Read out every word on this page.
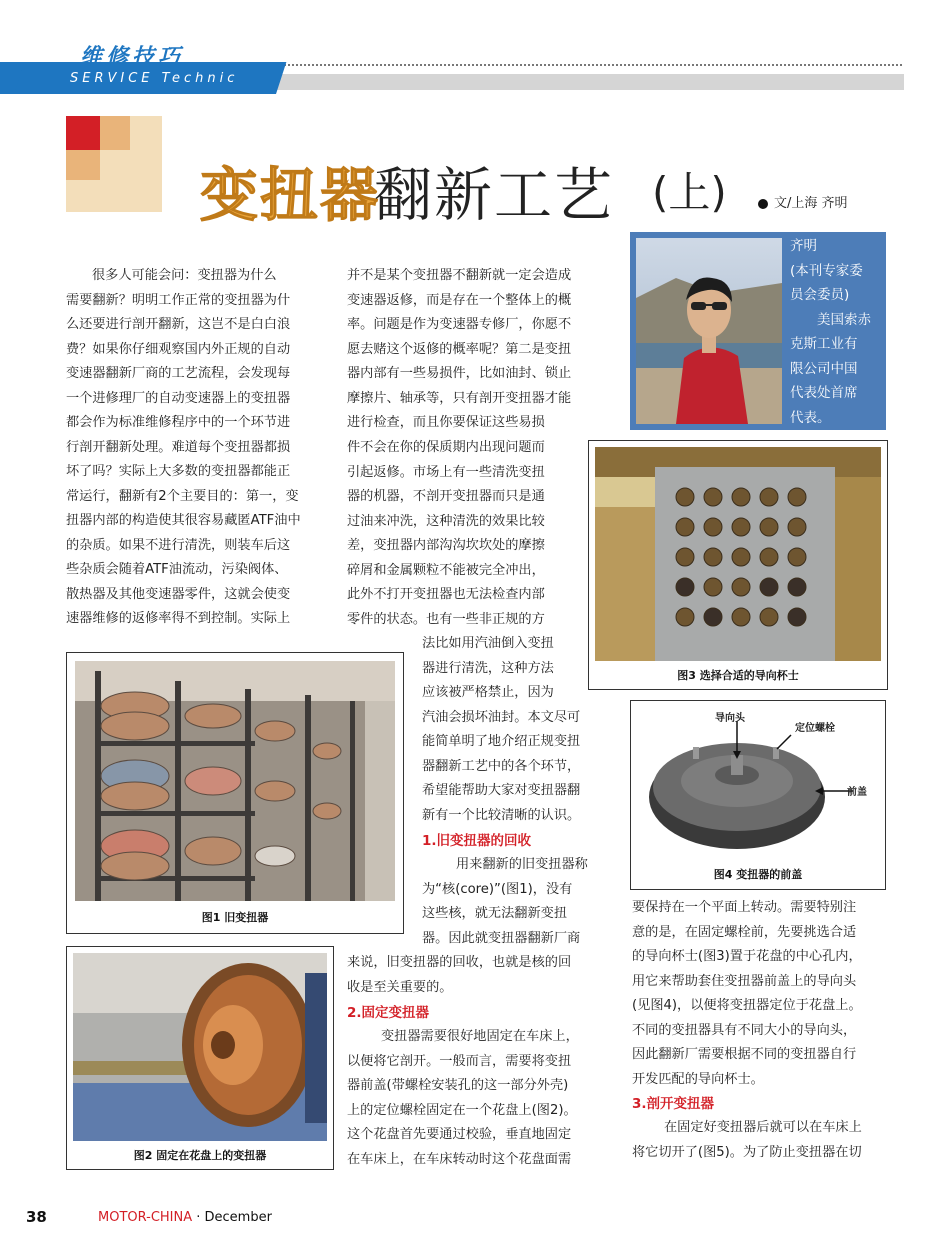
维修技巧
SERVICE Technic
变扭器
翻新工艺 (上)	文/上海 齐明
齐明
(本刊专家委
员会委员)
美国索赤
克斯工业有
限公司中国
代表处首席
代表。
很多人可能会问：变扭器为什么
需要翻新？明明工作正常的变扭器为什
么还要进行剖开翻新，这岂不是白白浪
费？如果你仔细观察国内外正规的自动
变速器翻新厂商的工艺流程，会发现每
一个进修理厂的自动变速器上的变扭器
都会作为标准维修程序中的一个环节进
行剖开翻新处理。难道每个变扭器都损
坏了吗？实际上大多数的变扭器都能正
常运行，翻新有2个主要目的：第一，变
扭器内部的构造使其很容易藏匿ATF油中
的杂质。如果不进行清洗，则装车后这
些杂质会随着ATF油流动，污染阀体、
散热器及其他变速器零件，这就会使变
速器维修的返修率得不到控制。实际上
并不是某个变扭器不翻新就一定会造成
变速器返修，而是存在一个整体上的概
率。问题是作为变速器专修厂，你愿不
愿去赌这个返修的概率呢？第二是变扭
器内部有一些易损件，比如油封、锁止
摩擦片、轴承等，只有剖开变扭器才能
进行检查，而且你要保证这些易损
件不会在你的保质期内出现问题而
引起返修。市场上有一些清洗变扭
器的机器，不剖开变扭器而只是通
过油来冲洗，这种清洗的效果比较
差，变扭器内部沟沟坎坎处的摩擦
碎屑和金属颗粒不能被完全冲出，
此外不打开变扭器也无法检查内部
零件的状态。也有一些非正规的方
法比如用汽油倒入变扭
器进行清洗，这种方法
应该被严格禁止，因为
汽油会损坏油封。本文尽可
能简单明了地介绍正规变扭
器翻新工艺中的各个环节，
希望能帮助大家对变扭器翻
新有一个比较清晰的认识。
1.旧变扭器的回收
用来翻新的旧变扭器称
为“核(core)”(图1)，没有
这些核，就无法翻新变扭
器。因此就变扭器翻新厂商
来说，旧变扭器的回收，也就是核的回
收是至关重要的。
2.固定变扭器
变扭器需要很好地固定在车床上，
以便将它剖开。一般而言，需要将变扭
器前盖(带螺栓安装孔的这一部分外壳)
上的定位螺栓固定在一个花盘上(图2)。
这个花盘首先要通过校验，垂直地固定
在车床上，在车床转动时这个花盘面需
要保持在一个平面上转动。需要特别注
意的是，在固定螺栓前，先要挑选合适
的导向杯士(图3)置于花盘的中心孔内，
用它来帮助套住变扭器前盖上的导向头
(见图4)，以便将变扭器定位于花盘上。
不同的变扭器具有不同大小的导向头，
因此翻新厂需要根据不同的变扭器自行
开发匹配的导向杯士。
3.剖开变扭器
在固定好变扭器后就可以在车床上
将它切开了(图5)。为了防止变扭器在切
图1 旧变扭器
图2 固定在花盘上的变扭器
图3 选择合适的导向杯士
导向头
定位螺栓
前盖
图4 变扭器的前盖
38	MOTOR-CHINA · December
